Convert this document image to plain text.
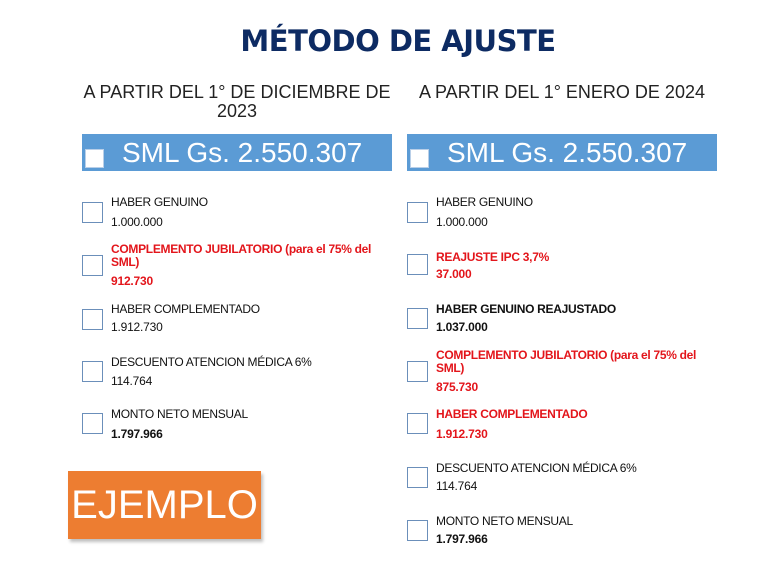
MÉTODO DE AJUSTE
A PARTIR DEL 1° DE DICIEMBRE DE 2023
SML Gs. 2.550.307
HABER GENUINO
1.000.000
COMPLEMENTO JUBILATORIO (para el 75% del SML)
912.730
HABER COMPLEMENTADO
1.912.730
DESCUENTO ATENCION MÉDICA 6%
114.764
MONTO NETO MENSUAL
1.797.966
A PARTIR DEL 1° ENERO DE 2024
SML Gs. 2.550.307
HABER GENUINO
1.000.000
REAJUSTE IPC 3,7%
37.000
HABER GENUINO REAJUSTADO
1.037.000
COMPLEMENTO JUBILATORIO (para el 75% del SML)
875.730
HABER COMPLEMENTADO
1.912.730
DESCUENTO ATENCION MÉDICA 6%
114.764
MONTO NETO MENSUAL
1.797.966
EJEMPLO
